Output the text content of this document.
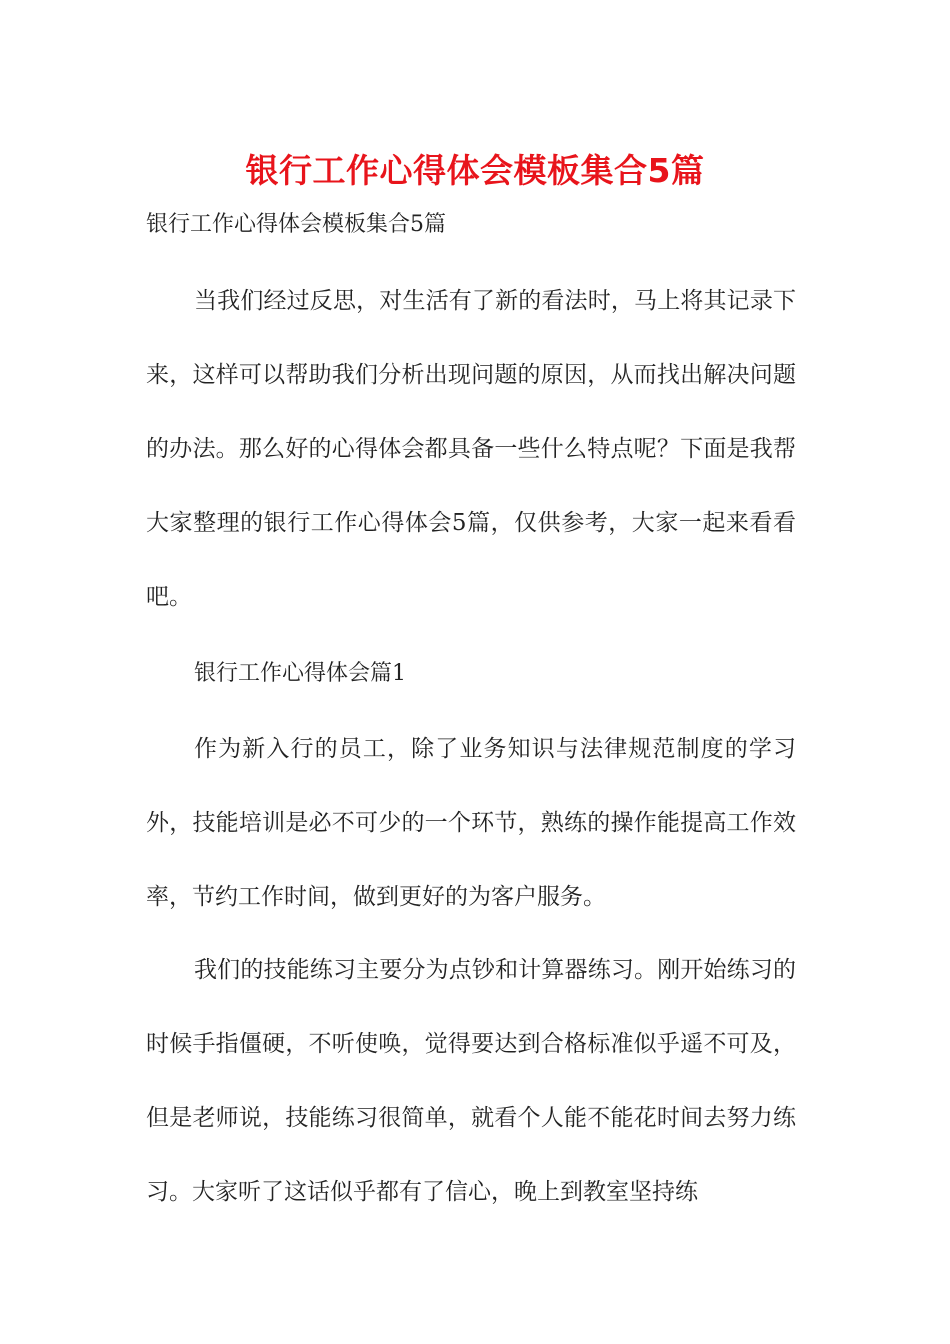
银行工作心得体会模板集合5篇
银行工作心得体会模板集合5篇

当我们经过反思，对生活有了新的看法时，马上将其记录下来，这样可以帮助我们分析出现问题的原因，从而找出解决问题的办法。那么好的心得体会都具备一些什么特点呢？下面是我帮大家整理的银行工作心得体会5篇，仅供参考，大家一起来看看吧。

银行工作心得体会篇1

作为新入行的员工，除了业务知识与法律规范制度的学习外，技能培训是必不可少的一个环节，熟练的操作能提高工作效率，节约工作时间，做到更好的为客户服务。

我们的技能练习主要分为点钞和计算器练习。刚开始练习的时候手指僵硬，不听使唤，觉得要达到合格标准似乎遥不可及，但是老师说，技能练习很简单，就看个人能不能花时间去努力练习。大家听了这话似乎都有了信心，晚上到教室坚持练
